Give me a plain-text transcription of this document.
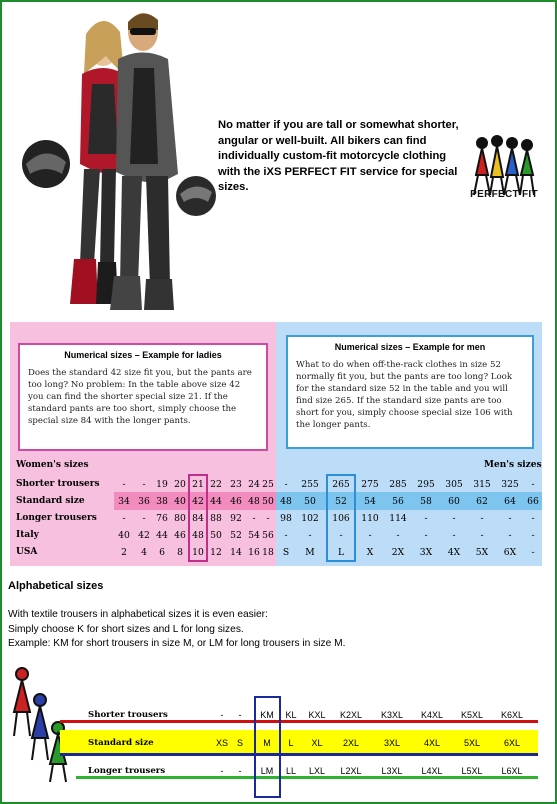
No matter if you are tall or somewhat shorter, angular or well-built. All bikers can find individually custom-fit motorcycle clothing with the iXS PERFECT FIT service for special sizes.
PERFECT FIT
Numerical sizes – Example for ladies
Does the standard 42 size fit you, but the pants are too long? No problem: In the table above size 42 you can find the shorter special size 21. If the standard pants are too short, simply choose the special size 84 with the longer pants.
Numerical sizes – Example for men
What to do when off-the-rack clothes in size 52 normally fit you, but the pants are too long? Look for the standard size 52 in the table and you will find size 265. If the standard size pants are too short for you, simply choose special size 106 with the longer pants.
Women's sizes	Men's sizes
Shorter trousers
Standard size
Longer trousers
Italy
USA
-
34
-
40
2
-
36
-
42
4
19
38
76
44
6
20
40
80
46
8
21
42
84
48
10
22
44
88
50
12
23
46
92
52
14
24
48
-
54
16
25
50
-
56
18
-
48
98
-
S
255
50
102
-
M
265
52
106
-
L
275
54
110
-
X
285
56
114
-
2X
295
58
-
-
3X
305
60
-
-
4X
315
62
-
-
5X
325
64
-
-
6X
-
66
-
-
-
Alphabetical sizes
With textile trousers in alphabetical sizes it is even easier:
Simply choose K for short sizes and L for long sizes.
Example: KM for short trousers in size M, or LM for long trousers in size M.
Shorter trousers
Standard size
Longer trousers
-
XS
-
-
S
-
KM
M
LM
KL
L
LL
KXL
XL
LXL
K2XL
2XL
L2XL
K3XL
3XL
L3XL
K4XL
4XL
L4XL
K5XL
5XL
L5XL
K6XL
6XL
L6XL
